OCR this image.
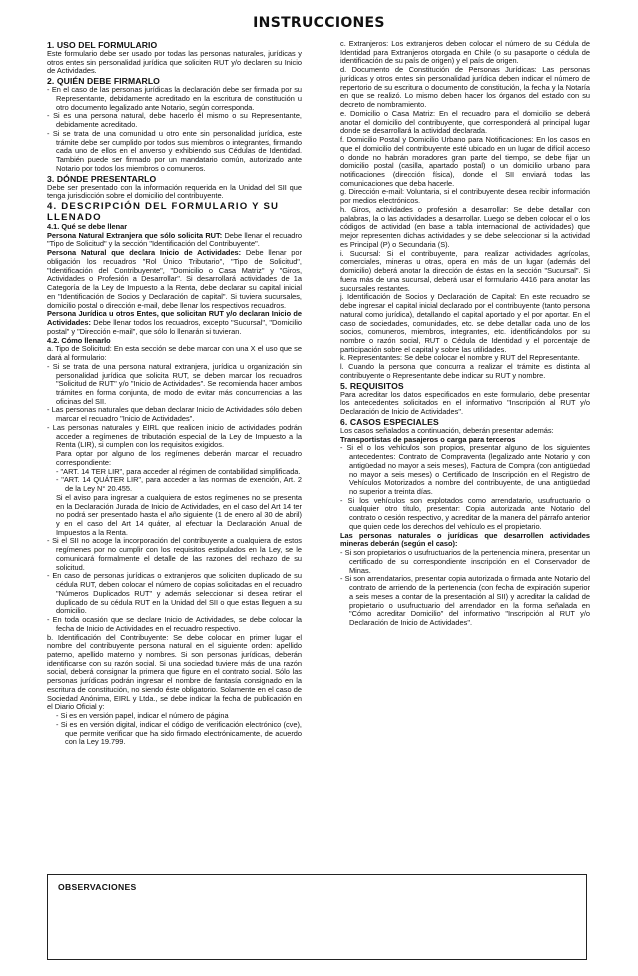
INSTRUCCIONES
1. USO DEL FORMULARIO
Este formulario debe ser usado por todas las personas naturales, jurídicas y otros entes sin personalidad jurídica que soliciten RUT y/o declaren su Inicio de Actividades.
2. QUIÉN DEBE FIRMARLO
- En el caso de las personas jurídicas la declaración debe ser firmada por su Representante, debidamente acreditado en la escritura de constitución u otro documento legalizado ante Notario, según corresponda.
- Si es una persona natural, debe hacerlo él mismo o su Representante, debidamente acreditado.
- Si se trata de una comunidad u otro ente sin personalidad jurídica, este trámite debe ser cumplido por todos sus miembros o integrantes, firmando cada uno de ellos en el anverso y exhibiendo sus Cédulas de Identidad. También puede ser firmado por un mandatario común, autorizado ante Notario por todos los miembros o comuneros.
3. DÓNDE PRESENTARLO
Debe ser presentado con la información requerida en la Unidad del SII que tenga jurisdicción sobre el domicilio del contribuyente.
4. DESCRIPCIÓN DEL FORMULARIO Y SU LLENADO
4.1. Qué se debe llenar
Persona Natural Extranjera que sólo solicita RUT: Debe llenar el recuadro "Tipo de Solicitud" y la sección "Identificación del Contribuyente".
Persona Natural que declara Inicio de Actividades: Debe llenar por obligación los recuadros "Rol Único Tributario", "Tipo de Solicitud", "Identificación del Contribuyente", "Domicilio o Casa Matriz" y "Giros, Actividades o Profesión a Desarrollar". Si desarrollará actividades de 1a Categoría de la Ley de Impuesto a la Renta, debe declarar su capital inicial en "Identificación de Socios y Declaración de capital". Si tuviera sucursales, domicilio postal o dirección e-mail, debe llenar los respectivos recuadros.
Persona Jurídica u otros Entes, que solicitan RUT y/o declaran Inicio de Actividades: Debe llenar todos los recuadros, excepto "Sucursal", "Domicilio postal" y "Dirección e-mail", que sólo lo llenarán si tuvieran.
4.2. Cómo llenarlo
a. Tipo de Solicitud: En esta sección se debe marcar con una X el uso que se dará al formulario:
- Si se trata de una persona natural extranjera, jurídica u organización sin personalidad jurídica que solicita RUT, se deben marcar los recuadros "Solicitud de RUT" y/o "Inicio de Actividades". Se recomienda hacer ambos trámites en forma conjunta, de modo de evitar más concurrencias a las oficinas del SII.
- Las personas naturales que deban declarar Inicio de Actividades sólo deben marcar el recuadro "Inicio de Actividades".
- Las personas naturales y EIRL que realicen inicio de actividades podrán acceder a regímenes de tributación especial de la Ley de Impuesto a la Renta (LIR), si cumplen con los requisitos exigidos.
Para optar por alguno de los regímenes deberán marcar el recuadro correspondiente:
- "ART. 14 TER LIR", para acceder al régimen de contabilidad simplificada.
- "ART. 14 QUÁTER LIR", para acceder a las normas de exención, Art. 2 de la Ley N° 20.455.
Si el aviso para ingresar a cualquiera de estos regímenes no se presenta en la Declaración Jurada de Inicio de Actividades, en el caso del Art 14 ter no podrá ser presentado hasta el año siguiente (1 de enero al 30 de abril) y en el caso del Art 14 quáter, al efectuar la Declaración Anual de Impuestos a la Renta.
- Si el SII no acoge la incorporación del contribuyente a cualquiera de estos regímenes por no cumplir con los requisitos estipulados en la Ley, se le comunicará formalmente el detalle de las razones del rechazo de su solicitud.
- En caso de personas jurídicas o extranjeros que soliciten duplicado de su cédula RUT, deben colocar el número de copias solicitadas en el recuadro "Números Duplicados RUT" y además seleccionar si desea retirar el duplicado de su cédula RUT en la Unidad del SII o que estas lleguen a su domicilio.
- En toda ocasión que se declare Inicio de Actividades, se debe colocar la fecha de Inicio de Actividades en el recuadro respectivo.
b. Identificación del Contribuyente: Se debe colocar en primer lugar el nombre del contribuyente persona natural en el siguiente orden: apellido paterno, apellido materno y nombres. Si son personas jurídicas, deberán identificarse con su razón social. Si una sociedad tuviere más de una razón social, deberá consignar la primera que figure en el contrato social. Sólo las personas jurídicas podrán ingresar el nombre de fantasía consignado en la escritura de constitución, no siendo éste obligatorio. Solamente en el caso de Sociedad Anónima, EIRL y Ltda., se debe indicar la fecha de publicación en el Diario Oficial y:
- Si es en versión papel, indicar el número de página
- Si es en versión digital, indicar el código de verificación electrónico (cve), que permite verificar que ha sido firmado electrónicamente, de acuerdo con la Ley 19.799.
c. Extranjeros: Los extranjeros deben colocar el número de su Cédula de Identidad para Extranjeros otorgada en Chile (o su pasaporte o cédula de identificación de su país de origen) y el país de origen.
d. Documento de Constitución de Personas Jurídicas: Las personas jurídicas y otros entes sin personalidad jurídica deben indicar el número de repertorio de su escritura o documento de constitución, la fecha y la Notaría en que se realizó. Lo mismo deben hacer los órganos del estado con su decreto de nombramiento.
e. Domicilio o Casa Matriz: En el recuadro para el domicilio se deberá anotar el domicilio del contribuyente, que corresponderá al principal lugar donde se desarrollará la actividad declarada.
f. Domicilio Postal y Domicilio Urbano para Notificaciones: En los casos en que el domicilio del contribuyente esté ubicado en un lugar de difícil acceso o donde no habrán moradores gran parte del tiempo, se debe fijar un domicilio postal (casilla, apartado postal) o un domicilio urbano para notificaciones (dirección física), donde el SII enviará todas las comunicaciones que deba hacerle.
g. Dirección e-mail: Voluntaria, si el contribuyente desea recibir información por medios electrónicos.
h. Giros, actividades o profesión a desarrollar: Se debe detallar con palabras, la o las actividades a desarrollar. Luego se deben colocar el o los códigos de actividad (en base a tabla internacional de actividades) que mejor representen dichas actividades y se debe seleccionar si la actividad es Principal (P) o Secundaria (S).
i. Sucursal: Si el contribuyente, para realizar actividades agrícolas, comerciales, mineras u otras, opera en más de un lugar (además del domicilio) deberá anotar la dirección de éstas en la sección "Sucursal". Si fuera más de una sucursal, deberá usar el formulario 4416 para anotar las sucursales restantes.
j. Identificación de Socios y Declaración de Capital: En este recuadro se debe ingresar el capital inicial declarado por el contribuyente (tanto persona natural como jurídica), detallando el capital aportado y el por aportar. En el caso de sociedades, comunidades, etc. se debe detallar cada uno de los socios, comuneros, miembros, integrantes, etc. identificándolos por su nombre o razón social, RUT o Cédula de Identidad y el porcentaje de participación sobre el capital y sobre las utilidades.
k. Representantes: Se debe colocar el nombre y RUT del Representante.
l. Cuando la persona que concurra a realizar el trámite es distinta al contribuyente o Representante debe indicar su RUT y nombre.
5. REQUISITOS
Para acreditar los datos especificados en este formulario, debe presentar los antecedentes solicitados en el informativo "Inscripción al RUT y/o Declaración de Inicio de Actividades".
6. CASOS ESPECIALES
Los casos señalados a continuación, deberán presentar además:
Transportistas de pasajeros o carga para terceros
- Si el o los vehículos son propios, presentar alguno de los siguientes antecedentes: Contrato de Compraventa (legalizado ante Notario y con antigüedad no mayor a seis meses), Factura de Compra (con antigüedad no mayor a seis meses) o Certificado de Inscripción en el Registro de Vehículos Motorizados a nombre del contribuyente, de una antigüedad no superior a treinta días.
- Si los vehículos son explotados como arrendatario, usufructuario o cualquier otro título, presentar: Copia autorizada ante Notario del contrato o cesión respectivo, y acreditar de la manera del párrafo anterior que quien cede los derechos del vehículo es el propietario.
Las personas naturales o jurídicas que desarrollen actividades mineras deberán (según el caso):
- Si son propietarios o usufructuarios de la pertenencia minera, presentar un certificado de su correspondiente inscripción en el Conservador de Minas.
- Si son arrendatarios, presentar copia autorizada o firmada ante Notario del contrato de arriendo de la pertenencia (con fecha de expiración superior a seis meses a contar de la presentación al SII) y acreditar la calidad de propietario o usufructuario del arrendador en la forma señalada en "Cómo acreditar Domicilio" del informativo "Inscripción al RUT y/o Declaración de Inicio de Actividades".
OBSERVACIONES
